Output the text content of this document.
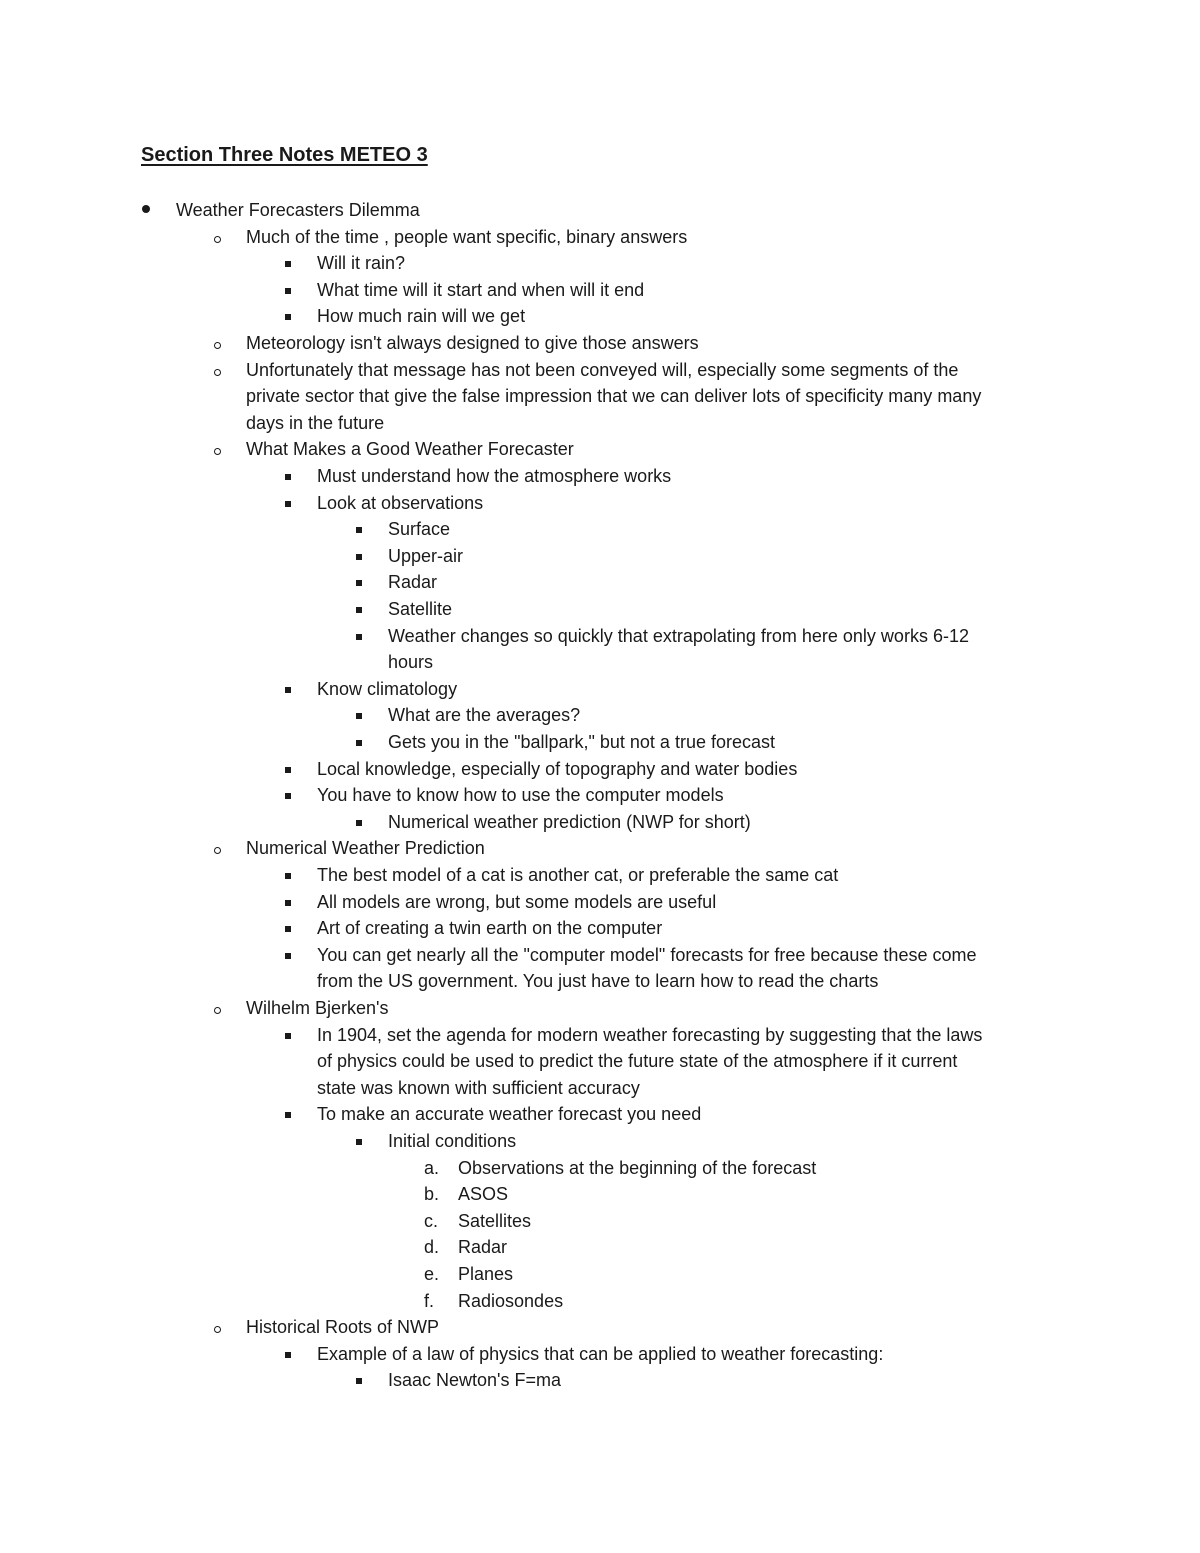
Section Three Notes METEO 3
Weather Forecasters Dilemma
Much of the time , people want specific, binary answers
Will it rain?
What time will it start and when will it end
How much rain will we get
Meteorology isn't always designed to give those answers
Unfortunately that message has not been conveyed will, especially some segments of the
private sector that give the false impression that we can deliver lots of specificity many many
days in the future
What Makes a Good Weather Forecaster
Must understand how the atmosphere works
Look at observations
Surface
Upper-air
Radar
Satellite
Weather changes so quickly that extrapolating from here only works 6-12
hours
Know climatology
What are the averages?
Gets you in the "ballpark," but not a true forecast
Local knowledge, especially of topography and water bodies
You have to know how to use the computer models
Numerical weather prediction (NWP for short)
Numerical Weather Prediction
The best model of a cat is another cat, or preferable the same cat
All models are wrong, but some models are useful
Art of creating a twin earth on the computer
You can get nearly all the "computer model" forecasts for free because these come
from the US government. You just have to learn how to read the charts
Wilhelm Bjerken's
In 1904, set the agenda for modern weather forecasting by suggesting that the laws
of physics could be used to predict the future state of the atmosphere if it current
state was known with sufficient accuracy
To make an accurate weather forecast you need
Initial conditions
a. Observations at the beginning of the forecast
b. ASOS
c. Satellites
d. Radar
e. Planes
f. Radiosondes
Historical Roots of NWP
Example of a law of physics that can be applied to weather forecasting:
Isaac Newton's F=ma
